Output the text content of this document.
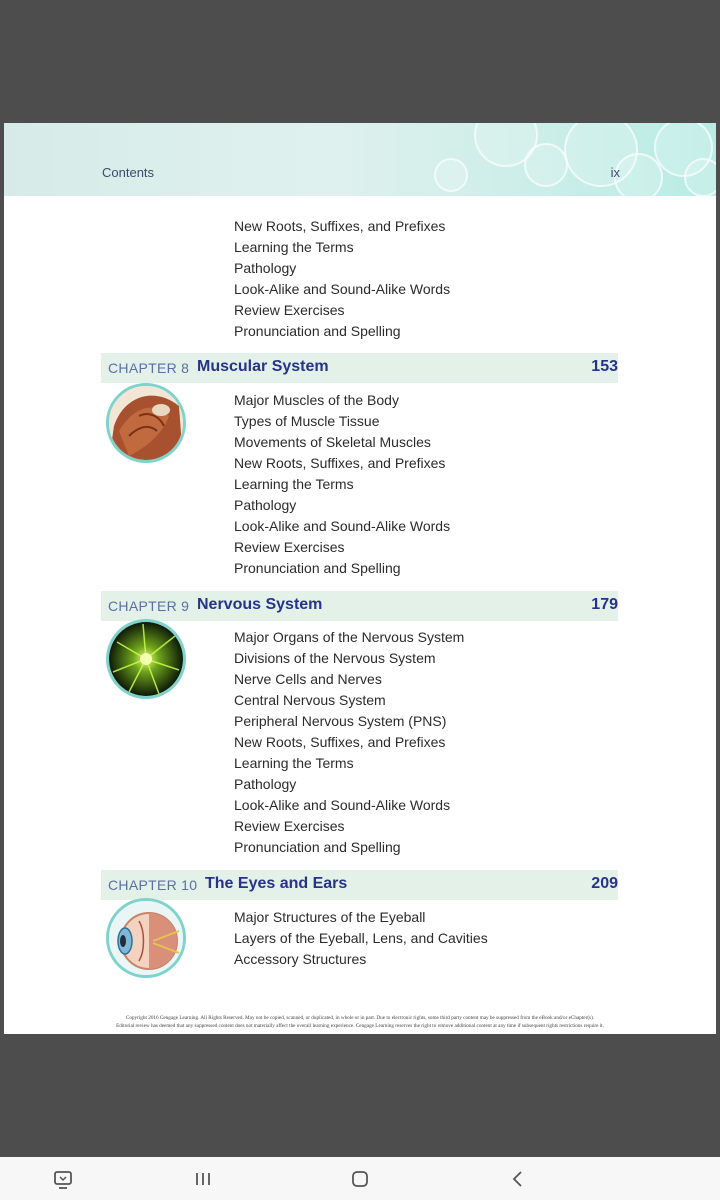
Contents	ix
New Roots, Suffixes, and Prefixes
Learning the Terms
Pathology
Look-Alike and Sound-Alike Words
Review Exercises
Pronunciation and Spelling
CHAPTER 8 Muscular System	153
Major Muscles of the Body
Types of Muscle Tissue
Movements of Skeletal Muscles
New Roots, Suffixes, and Prefixes
Learning the Terms
Pathology
Look-Alike and Sound-Alike Words
Review Exercises
Pronunciation and Spelling
CHAPTER 9 Nervous System	179
Major Organs of the Nervous System
Divisions of the Nervous System
Nerve Cells and Nerves
Central Nervous System
Peripheral Nervous System (PNS)
New Roots, Suffixes, and Prefixes
Learning the Terms
Pathology
Look-Alike and Sound-Alike Words
Review Exercises
Pronunciation and Spelling
CHAPTER 10 The Eyes and Ears	209
Major Structures of the Eyeball
Layers of the Eyeball, Lens, and Cavities
Accessory Structures
Copyright 2016 Cengage Learning. All Rights Reserved. May not be copied, scanned, or duplicated, in whole or in part. Due to electronic rights, some third party content may be suppressed from the eBook and/or eChapter(s).
Editorial review has deemed that any suppressed content does not materially affect the overall learning experience. Cengage Learning reserves the right to remove additional content at any time if subsequent rights restrictions require it.
